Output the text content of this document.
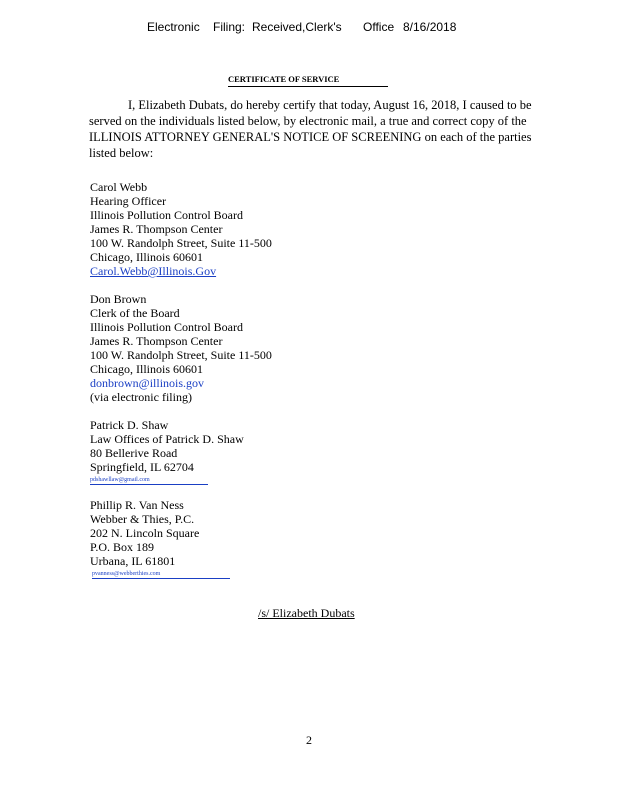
Electronic Filing: Received,Clerk's Office 8/16/2018
CERTIFICATE OF SERVICE
I, Elizabeth Dubats, do hereby certify that today, August 16, 2018, I caused to be
served on the individuals listed below, by electronic mail, a true and correct copy of the
ILLINOIS ATTORNEY GENERAL'S NOTICE OF SCREENING on each of the parties
listed below:
Carol Webb
Hearing Officer
Illinois Pollution Control Board
James R. Thompson Center
100 W. Randolph Street, Suite 11-500
Chicago, Illinois 60601
Carol.Webb@Illinois.Gov
Don Brown
Clerk of the Board
Illinois Pollution Control Board
James R. Thompson Center
100 W. Randolph Street, Suite 11-500
Chicago, Illinois 60601
donbrown@illinois.gov
(via electronic filing)
Patrick D. Shaw
Law Offices of Patrick D. Shaw
80 Bellerive Road
Springfield, IL 62704
pdshawllaw@gmail.com
Phillip R. Van Ness
Webber & Thies, P.C.
202 N. Lincoln Square
P.O. Box 189
Urbana, IL 61801
pvanness@webberthies.com
/s/ Elizabeth Dubats
2
